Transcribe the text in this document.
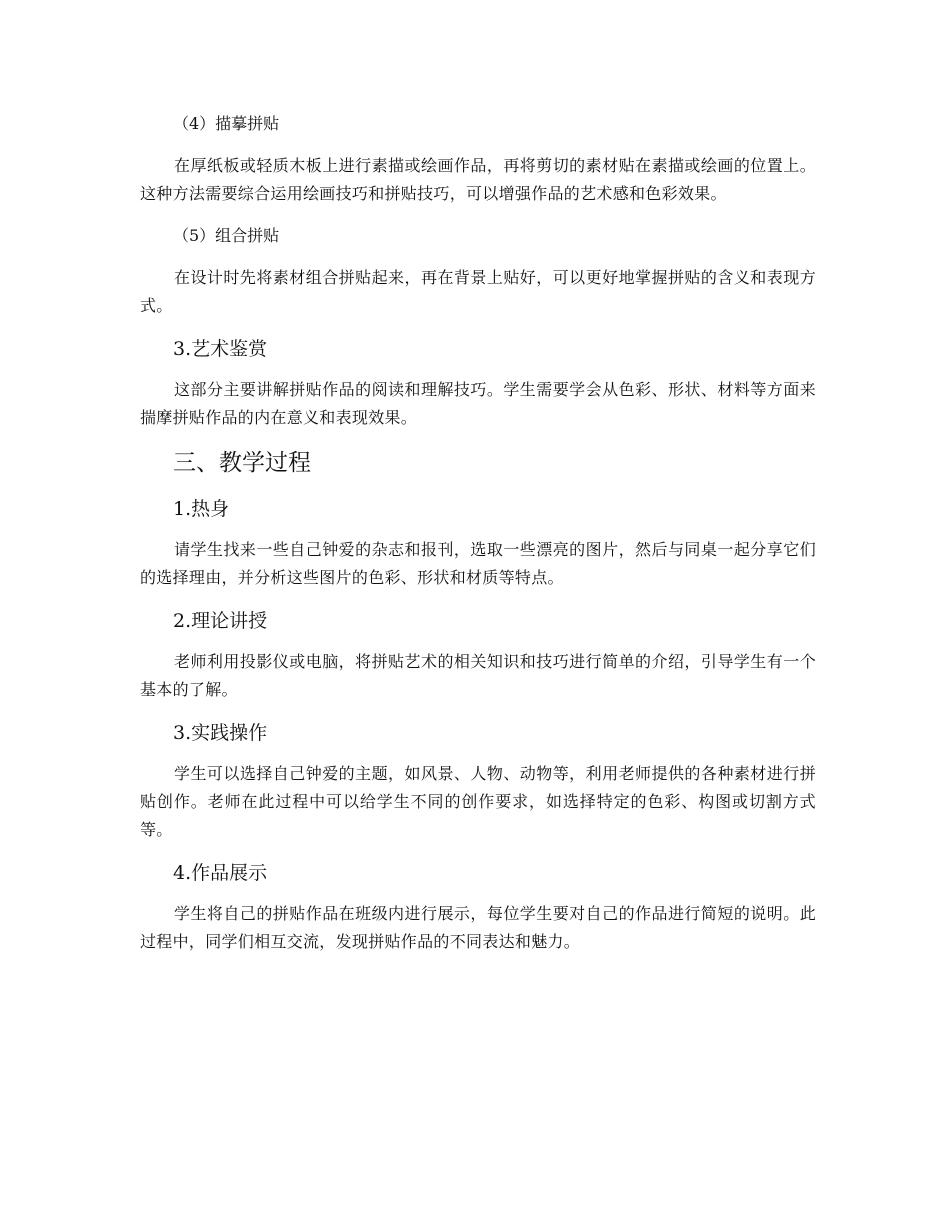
（4）描摹拼贴

在厚纸板或轻质木板上进行素描或绘画作品，再将剪切的素材贴在素描或绘画的位置上。这种方法需要综合运用绘画技巧和拼贴技巧，可以增强作品的艺术感和色彩效果。

（5）组合拼贴

在设计时先将素材组合拼贴起来，再在背景上贴好，可以更好地掌握拼贴的含义和表现方式。

3.艺术鉴赏

这部分主要讲解拼贴作品的阅读和理解技巧。学生需要学会从色彩、形状、材料等方面来揣摩拼贴作品的内在意义和表现效果。

三、教学过程
1.热身

请学生找来一些自己钟爱的杂志和报刊，选取一些漂亮的图片，然后与同桌一起分享它们的选择理由，并分析这些图片的色彩、形状和材质等特点。

2.理论讲授

老师利用投影仪或电脑，将拼贴艺术的相关知识和技巧进行简单的介绍，引导学生有一个基本的了解。

3.实践操作

学生可以选择自己钟爱的主题，如风景、人物、动物等，利用老师提供的各种素材进行拼贴创作。老师在此过程中可以给学生不同的创作要求，如选择特定的色彩、构图或切割方式等。

4.作品展示

学生将自己的拼贴作品在班级内进行展示，每位学生要对自己的作品进行简短的说明。此过程中，同学们相互交流，发现拼贴作品的不同表达和魅力。
